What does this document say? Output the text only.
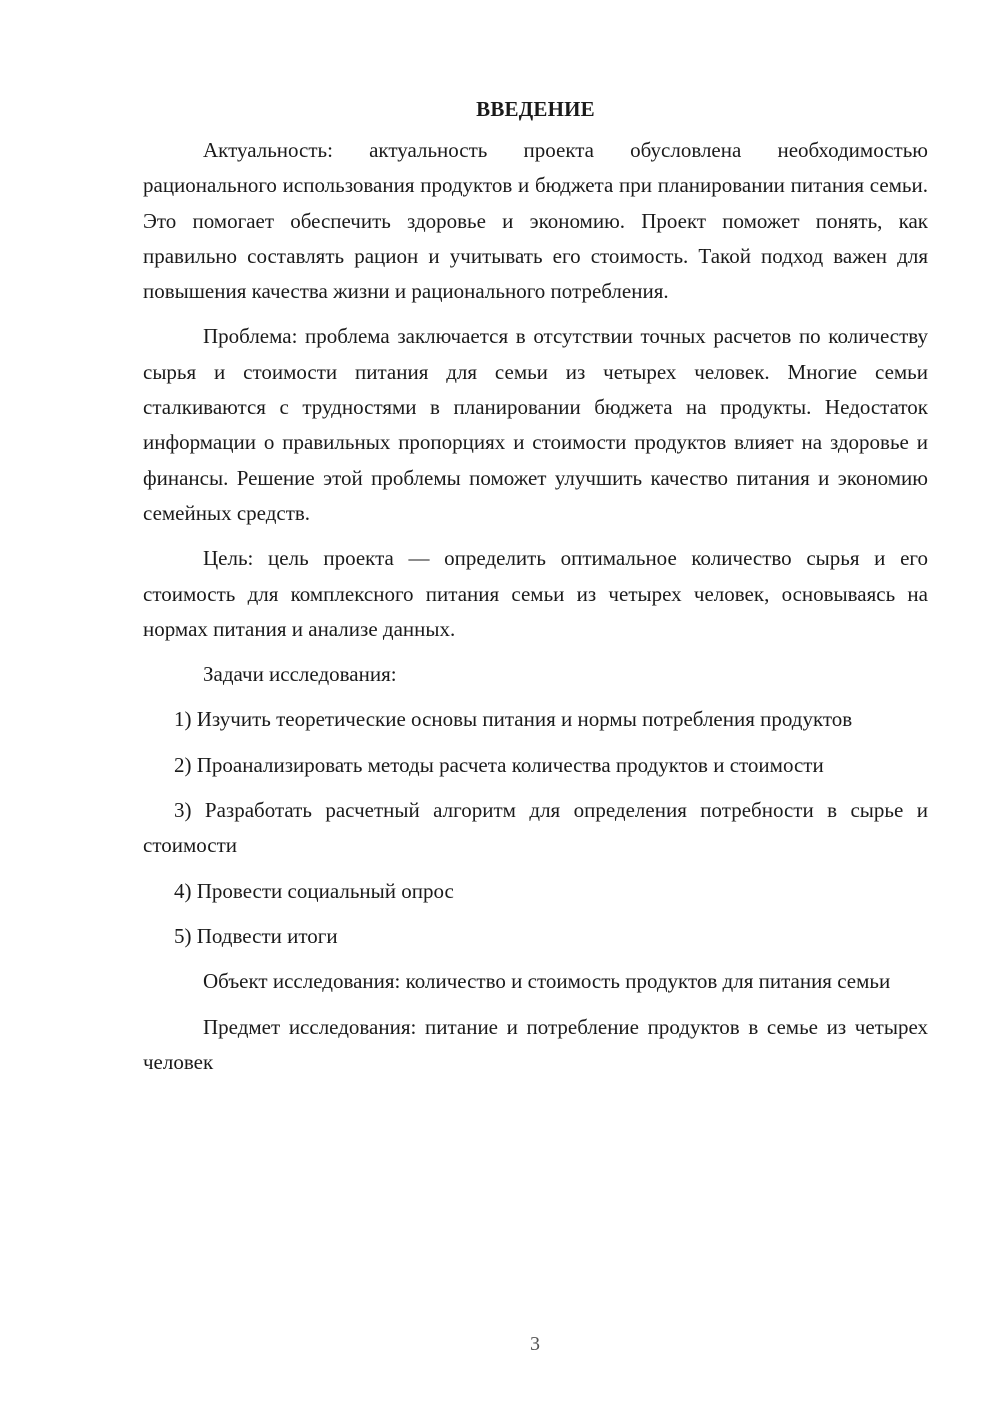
ВВЕДЕНИЕ

Актуальность: актуальность проекта обусловлена необходимостью рационального использования продуктов и бюджета при планировании питания семьи. Это помогает обеспечить здоровье и экономию. Проект поможет понять, как правильно составлять рацион и учитывать его стоимость. Такой подход важен для повышения качества жизни и рационального потребления.

Проблема: проблема заключается в отсутствии точных расчетов по количеству сырья и стоимости питания для семьи из четырех человек. Многие семьи сталкиваются с трудностями в планировании бюджета на продукты. Недостаток информации о правильных пропорциях и стоимости продуктов влияет на здоровье и финансы. Решение этой проблемы поможет улучшить качество питания и экономию семейных средств.

Цель: цель проекта — определить оптимальное количество сырья и его стоимость для комплексного питания семьи из четырех человек, основываясь на нормах питания и анализе данных.

Задачи исследования:

1) Изучить теоретические основы питания и нормы потребления продуктов

2) Проанализировать методы расчета количества продуктов и стоимости

3) Разработать расчетный алгоритм для определения потребности в сырье и стоимости

4) Провести социальный опрос

5) Подвести итоги

Объект исследования: количество и стоимость продуктов для питания семьи

Предмет исследования: питание и потребление продуктов в семье из четырех человек

3
